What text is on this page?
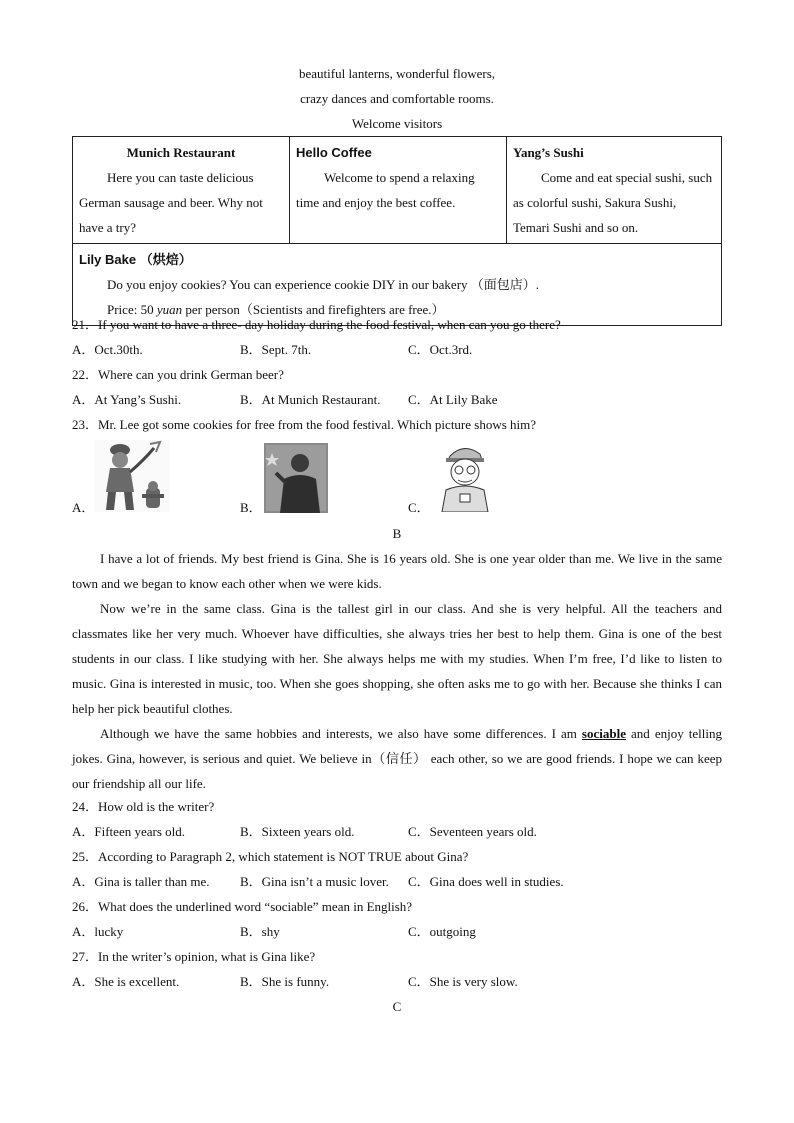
beautiful lanterns, wonderful flowers,
crazy dances and comfortable rooms.
Welcome visitors
Munich Restaurant
Here you can taste delicious German sausage and beer. Why not have a try?

Hello Coffee
Welcome to spend a relaxing time and enjoy the best coffee.

Yang’s Sushi
Come and eat special sushi, such as colorful sushi, Sakura Sushi, Temari Sushi and so on.

Lily Bake （烘焙）
Do you enjoy cookies? You can experience cookie DIY in our bakery （面包店）.
Price: 50 yuan per person（Scientists and firefighters are free.）
21．If you want to have a three- day holiday during the food festival, when can you go there?
A．Oct.30th.	B．Sept. 7th.	C．Oct.3rd.
22．Where can you drink German beer?
A．At Yang’s Sushi.	B．At Munich Restaurant. C．At Lily Bake
23．Mr. Lee got some cookies for free from the food festival. Which picture shows him?
A．	B．	C．
B

I have a lot of friends. My best friend is Gina. She is 16 years old. She is one year older than me. We live in the same town and we began to know each other when we were kids.

Now we’re in the same class. Gina is the tallest girl in our class. And she is very helpful. All the teachers and classmates like her very much. Whoever have difficulties, she always tries her best to help them. Gina is one of the best students in our class. I like studying with her. She always helps me with my studies. When I’m free, I’d like to listen to music. Gina is interested in music, too. When she goes shopping, she often asks me to go with her. Because she thinks I can help her pick beautiful clothes.

Although we have the same hobbies and interests, we also have some differences. I am sociable and enjoy telling jokes. Gina, however, is serious and quiet. We believe in（信任） each other, so we are good friends. I hope we can keep our friendship all our life.

24．How old is the writer?
A．Fifteen years old.	B．Sixteen years old.	C．Seventeen years old.
25．According to Paragraph 2, which statement is NOT TRUE about Gina?
A．Gina is taller than me. B．Gina isn’t a music lover. C．Gina does well in studies.
26．What does the underlined word “sociable” mean in English?
A．lucky	B．shy	C．outgoing
27．In the writer’s opinion, what is Gina like?
A．She is excellent.	B．She is funny.	C．She is very slow.
C
